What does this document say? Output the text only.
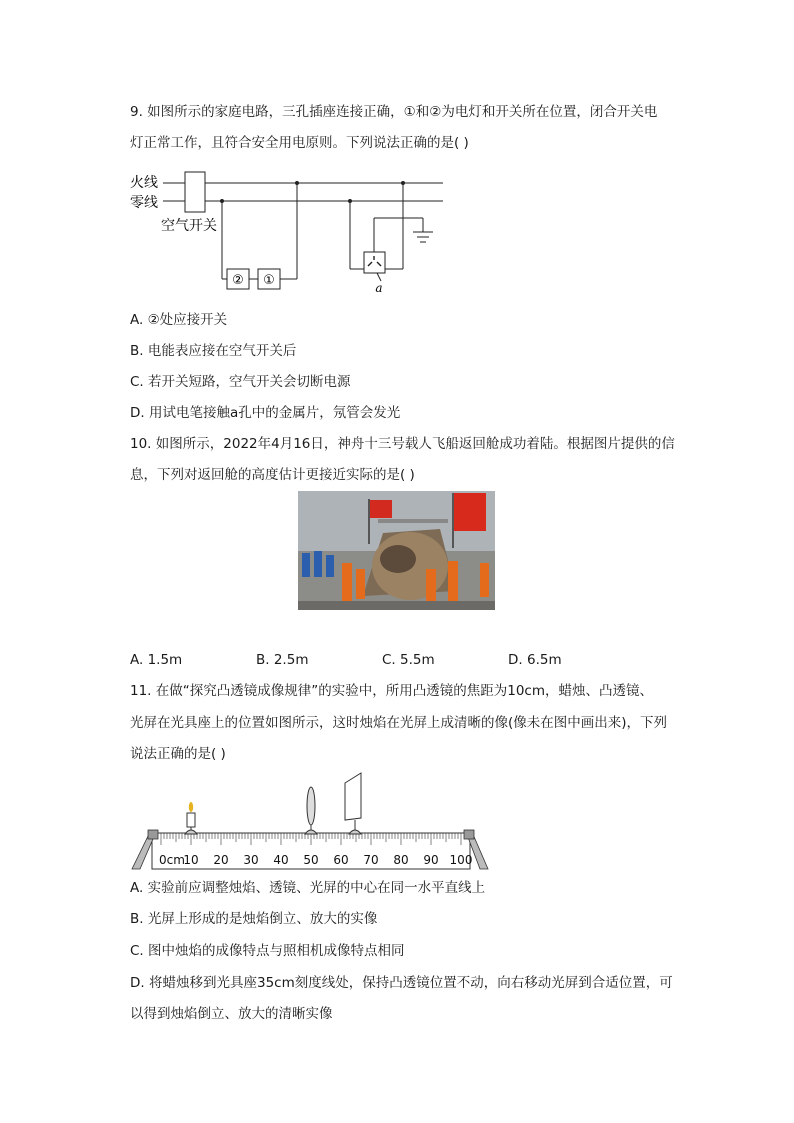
9. 如图所示的家庭电路，三孔插座连接正确，①和②为电灯和开关所在位置，闭合开关电
灯正常工作，且符合安全用电原则。下列说法正确的是( )
火线
零线
空气开关
② ①	a
A. ②处应接开关
B. 电能表应接在空气开关后
C. 若开关短路，空气开关会切断电源
D. 用试电笔接触a孔中的金属片，氖管会发光
10. 如图所示，2022年4月16日，神舟十三号载人飞船返回舱成功着陆。根据图片提供的信
息，下列对返回舱的高度估计更接近实际的是( )
A. 1.5m	B. 2.5m	C. 5.5m	D. 6.5m
11. 在做“探究凸透镜成像规律”的实验中，所用凸透镜的焦距为10cm，蜡烛、凸透镜、
光屏在光具座上的位置如图所示，这时烛焰在光屏上成清晰的像(像未在图中画出来)，下列
说法正确的是( )
0cm
10 20 30 40 50 60 70 80 90 100
A. 实验前应调整烛焰、透镜、光屏的中心在同一水平直线上
B. 光屏上形成的是烛焰倒立、放大的实像
C. 图中烛焰的成像特点与照相机成像特点相同
D. 将蜡烛移到光具座35cm刻度线处，保持凸透镜位置不动，向右移动光屏到合适位置，可
以得到烛焰倒立、放大的清晰实像
